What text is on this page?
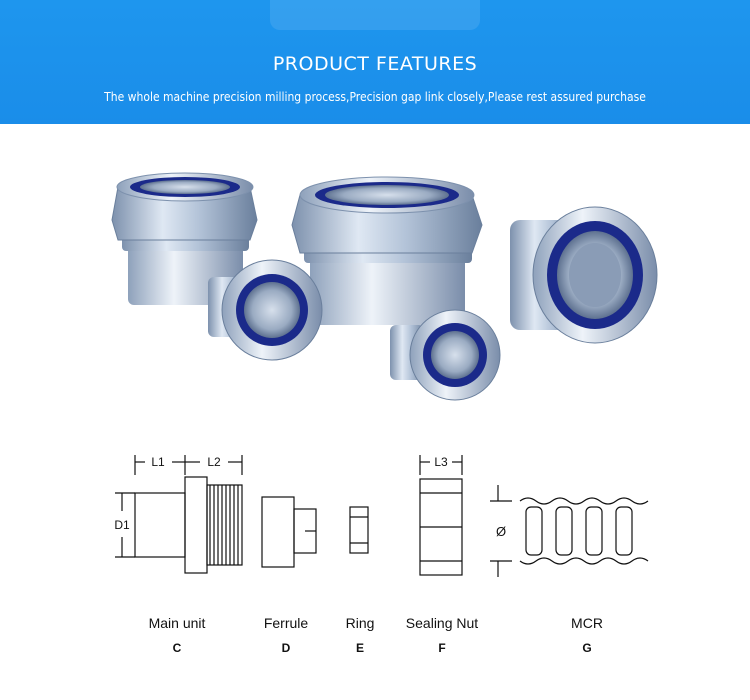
PRODUCT FEATURES
The whole machine precision milling process,Precision gap link closely,Please rest assured purchase
L1	L2
D1
L3
Ø
Main unit
C
Ferrule
D
Ring
E
Sealing Nut
F
MCR
G
